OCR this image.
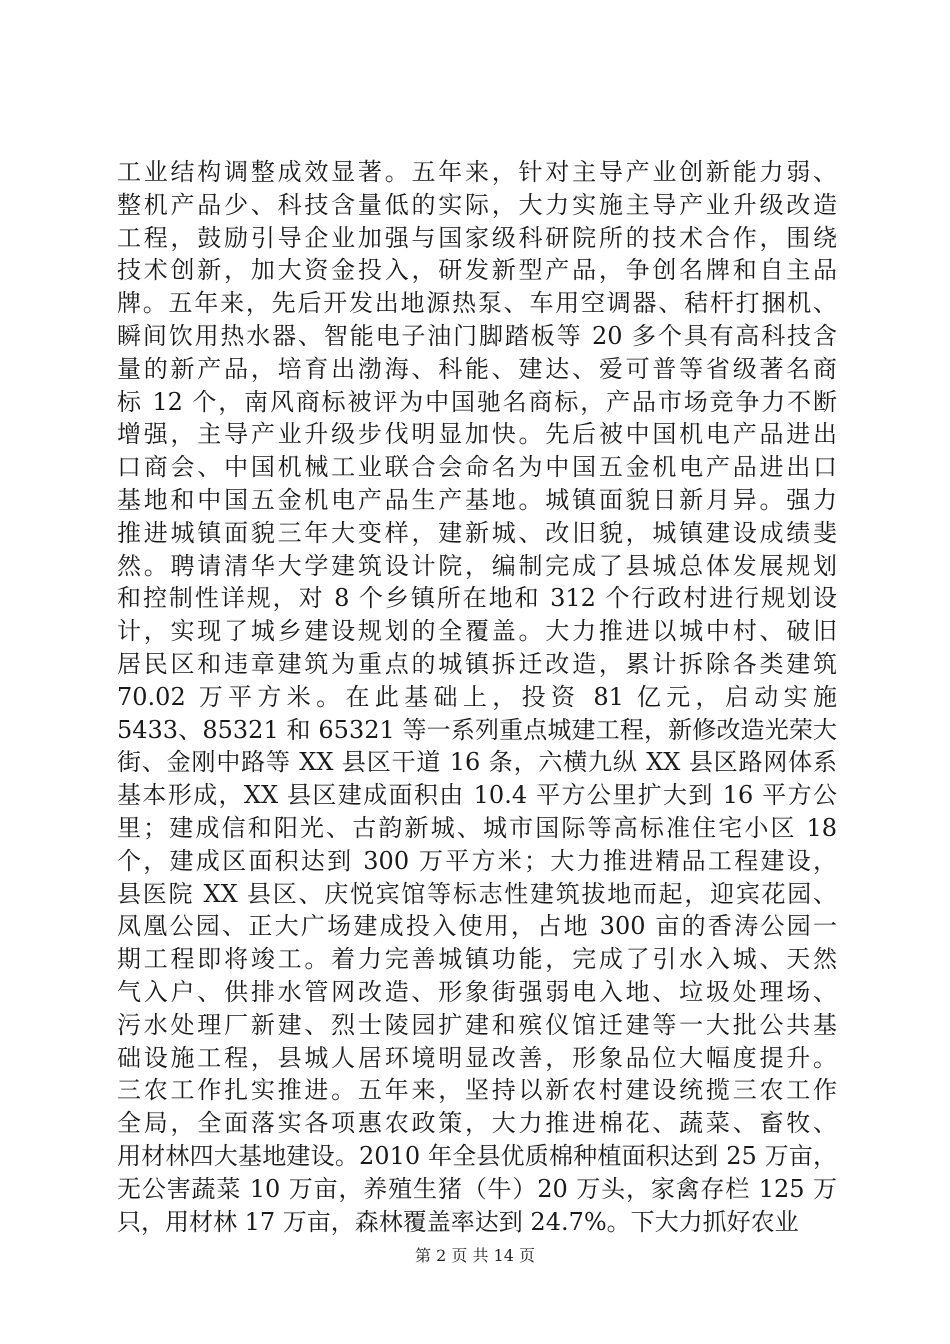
工业结构调整成效显著。五年来，针对主导产业创新能力弱、
整机产品少、科技含量低的实际，大力实施主导产业升级改造
工程，鼓励引导企业加强与国家级科研院所的技术合作，围绕
技术创新，加大资金投入，研发新型产品，争创名牌和自主品
牌。五年来，先后开发出地源热泵、车用空调器、秸杆打捆机、
瞬间饮用热水器、智能电子油门脚踏板等 20 多个具有高科技含
量的新产品，培育出渤海、科能、建达、爱可普等省级著名商
标 12 个，南风商标被评为中国驰名商标，产品市场竞争力不断
增强，主导产业升级步伐明显加快。先后被中国机电产品进出
口商会、中国机械工业联合会命名为中国五金机电产品进出口
基地和中国五金机电产品生产基地。城镇面貌日新月异。强力
推进城镇面貌三年大变样，建新城、改旧貌，城镇建设成绩斐
然。聘请清华大学建筑设计院，编制完成了县城总体发展规划
和控制性详规，对 8 个乡镇所在地和 312 个行政村进行规划设
计，实现了城乡建设规划的全覆盖。大力推进以城中村、破旧
居民区和违章建筑为重点的城镇拆迁改造，累计拆除各类建筑
70.02 万平方米。在此基础上，投资 81 亿元，启动实施
5433、85321 和 65321 等一系列重点城建工程，新修改造光荣大
街、金刚中路等 XX 县区干道 16 条，六横九纵 XX 县区路网体系
基本形成，XX 县区建成面积由 10.4 平方公里扩大到 16 平方公
里；建成信和阳光、古韵新城、城市国际等高标准住宅小区 18
个，建成区面积达到 300 万平方米；大力推进精品工程建设，
县医院 XX 县区、庆悦宾馆等标志性建筑拔地而起，迎宾花园、
凤凰公园、正大广场建成投入使用，占地 300 亩的香涛公园一
期工程即将竣工。着力完善城镇功能，完成了引水入城、天然
气入户、供排水管网改造、形象街强弱电入地、垃圾处理场、
污水处理厂新建、烈士陵园扩建和殡仪馆迁建等一大批公共基
础设施工程，县城人居环境明显改善，形象品位大幅度提升。
三农工作扎实推进。五年来，坚持以新农村建设统揽三农工作
全局，全面落实各项惠农政策，大力推进棉花、蔬菜、畜牧、
用材林四大基地建设。2010 年全县优质棉种植面积达到 25 万亩，
无公害蔬菜 10 万亩，养殖生猪（牛）20 万头，家禽存栏 125 万
只，用材林 17 万亩，森林覆盖率达到 24.7%。下大力抓好农业
第 2 页 共 14 页
